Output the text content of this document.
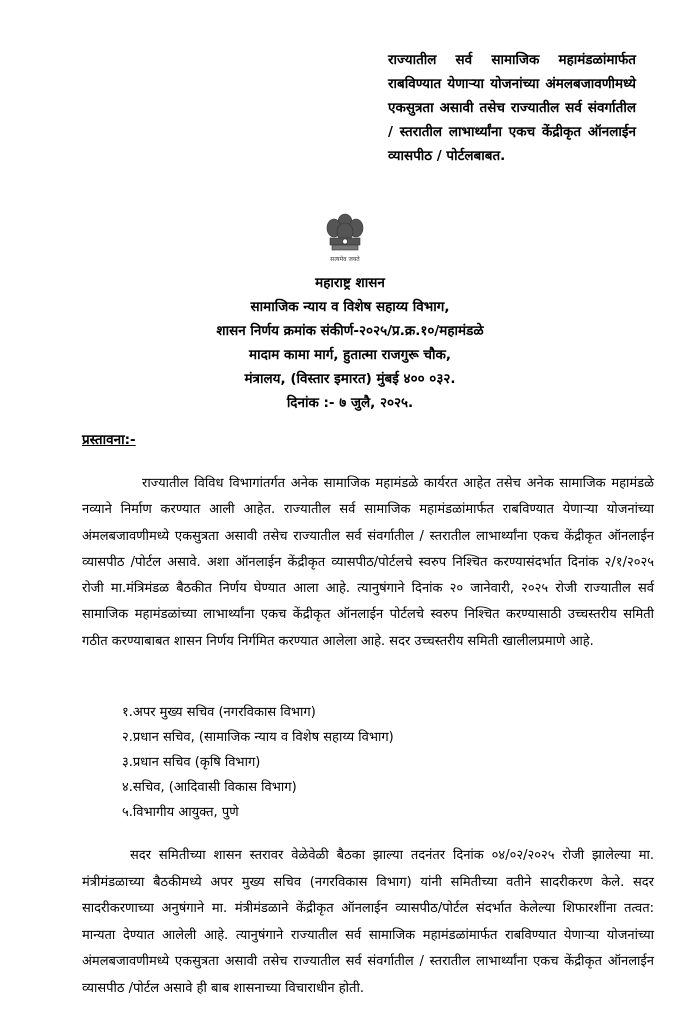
राज्यातील सर्व सामाजिक महामंडळांमार्फत राबविण्यात येणाऱ्या योजनांच्या अंमलबजावणीमध्ये एकसुत्रता असावी तसेच राज्यातील सर्व संवर्गातील / स्तरातील लाभार्थ्यांना एकच केंद्रीकृत ऑनलाईन व्यासपीठ / पोर्टलबाबत.
सत्यमेव जयते
महाराष्ट्र शासन
सामाजिक न्याय व विशेष सहाय्य विभाग,
शासन निर्णय क्रमांक संकीर्ण-२०२५/प्र.क्र.१०/महामंडळे
मादाम कामा मार्ग, हुतात्मा राजगुरू चौक,
मंत्रालय, (विस्तार इमारत) मुंबई ४०० ०३२.
दिनांक :- ७ जुलै, २०२५.
प्रस्तावना:-

राज्यातील विविध विभागांतर्गत अनेक सामाजिक महामंडळे कार्यरत आहेत तसेच अनेक सामाजिक महामंडळे नव्याने निर्माण करण्यात आली आहेत. राज्यातील सर्व सामाजिक महामंडळांमार्फत राबविण्यात येणाऱ्या योजनांच्या अंमलबजावणीमध्ये एकसुत्रता असावी तसेच राज्यातील सर्व संवर्गातील / स्तरातील लाभार्थ्यांना एकच केंद्रीकृत ऑनलाईन व्यासपीठ /पोर्टल असावे. अशा ऑनलाईन केंद्रीकृत व्यासपीठ/पोर्टलचे स्वरुप निश्चित करण्यासंदर्भात दिनांक २/१/२०२५ रोजी मा.मंत्रिमंडळ बैठकीत निर्णय घेण्यात आला आहे. त्यानुषंगाने दिनांक २० जानेवारी, २०२५ रोजी राज्यातील सर्व सामाजिक महामंडळांच्या लाभार्थ्यांना एकच केंद्रीकृत ऑनलाईन पोर्टलचे स्वरुप निश्चित करण्यासाठी उच्चस्तरीय समिती गठीत करण्याबाबत शासन निर्णय निर्गमित करण्यात आलेला आहे. सदर उच्चस्तरीय समिती खालीलप्रमाणे आहे.

१.अपर मुख्य सचिव (नगरविकास विभाग)
२.प्रधान सचिव, (सामाजिक न्याय व विशेष सहाय्य विभाग)
३.प्रधान सचिव (कृषि विभाग)
४.सचिव, (आदिवासी विकास विभाग)
५.विभागीय आयुक्त, पुणे

सदर समितीच्या शासन स्तरावर वेळेवेळी बैठका झाल्या तदनंतर दिनांक ०४/०२/२०२५ रोजी झालेल्या मा. मंत्रीमंडळाच्या बैठकीमध्ये अपर मुख्य सचिव (नगरविकास विभाग) यांनी समितीच्या वतीने सादरीकरण केले. सदर सादरीकरणाच्या अनुषंगाने मा. मंत्रीमंडळाने केंद्रीकृत ऑनलाईन व्यासपीठ/पोर्टल संदर्भात केलेल्या शिफारशींना तत्वत: मान्यता देण्यात आलेली आहे. त्यानुषंगाने राज्यातील सर्व सामाजिक महामंडळांमार्फत राबविण्यात येणाऱ्या योजनांच्या अंमलबजावणीमध्ये एकसुत्रता असावी तसेच राज्यातील सर्व संवर्गातील / स्तरातील लाभार्थ्यांना एकच केंद्रीकृत ऑनलाईन व्यासपीठ /पोर्टल असावे ही बाब शासनाच्या विचाराधीन होती.
